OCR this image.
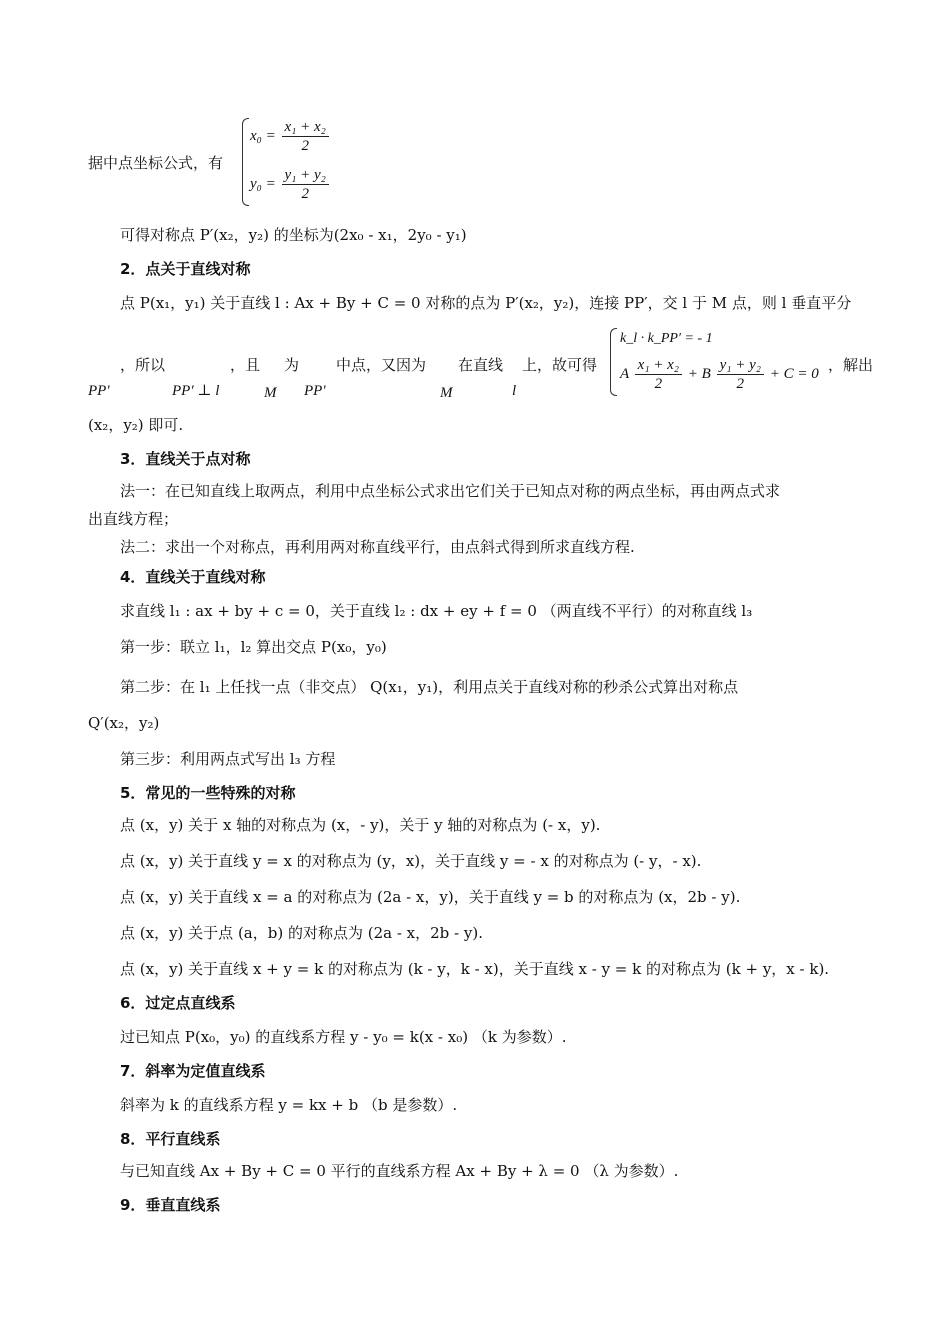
据中点坐标公式，有
$x_0 = \frac{\text{x₁ + x₂}}{2}$
$y_0 = \frac{\text{y₁ + y₂}}{2}$
可得对称点 P′(x₂，y₂) 的坐标为(2x₀ - x₁，2y₀ - y₁)
2．点关于直线对称
点 P(x₁，y₁) 关于直线 l : Ax + By + C = 0 对称的点为 P′(x₂，y₂)，连接 PP′，交 l 于 M 点，则 l 垂直平分
，所以
PP′
，且
PP′ ⊥ l
为
M
中点，又因为
PP′
在直线
M
上，故可得
l
k_l · k_PP′ = - 1
A $\frac{\text{x₁ + x₂}}{2} + B \frac{\text{y₁ + y₂}}{2} + C = 0$ ，解出
(x₂，y₂) 即可.
3．直线关于点对称
法一：在已知直线上取两点，利用中点坐标公式求出它们关于已知点对称的两点坐标，再由两点式求
出直线方程；
法二：求出一个对称点，再利用两对称直线平行，由点斜式得到所求直线方程.
4．直线关于直线对称
求直线 l₁ : ax + by + c = 0，关于直线 l₂ : dx + ey + f = 0 （两直线不平行）的对称直线 l₃
第一步：联立 l₁，l₂ 算出交点 P(x₀，y₀)
第二步：在 l₁ 上任找一点（非交点） Q(x₁，y₁)，利用点关于直线对称的秒杀公式算出对称点
Q′(x₂，y₂)
第三步：利用两点式写出 l₃ 方程
5．常见的一些特殊的对称
点 (x，y) 关于 x 轴的对称点为 (x，- y)，关于 y 轴的对称点为 (- x，y).
点 (x，y) 关于直线 y = x 的对称点为 (y，x)，关于直线 y = - x 的对称点为 (- y，- x).
点 (x，y) 关于直线 x = a 的对称点为 (2a - x，y)，关于直线 y = b 的对称点为 (x，2b - y).
点 (x，y) 关于点 (a，b) 的对称点为 (2a - x，2b - y).
点 (x，y) 关于直线 x + y = k 的对称点为 (k - y，k - x)，关于直线 x - y = k 的对称点为 (k + y，x - k).
6．过定点直线系
过已知点 P(x₀，y₀) 的直线系方程 y - y₀ = k(x - x₀) （k 为参数）.
7．斜率为定值直线系
斜率为 k 的直线系方程 y = kx + b （b 是参数）.
8．平行直线系
与已知直线 Ax + By + C = 0 平行的直线系方程 Ax + By + λ = 0 （λ 为参数）.
9．垂直直线系
